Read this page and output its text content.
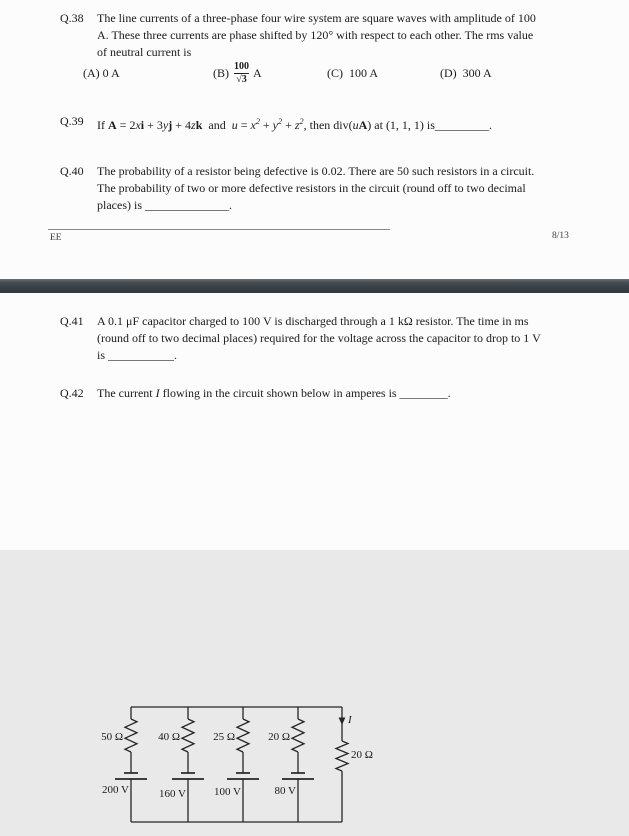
Q.38 The line currents of a three-phase four wire system are square waves with amplitude of 100
A. These three currents are phase shifted by 120° with respect to each other. The rms value
of neutral current is
(A) 0 A	$(B) \frac{100}{√3}$ A	(C)  100 A	(D)  300 A
Q.39 If A = 2xi + 3yj + 4zk  and  $u = x^2 + y^2 + z^2$, then div(uA) at (1, 1, 1) is_________.
Q.40 The probability of a resistor being defective is 0.02. There are 50 such resistors in a circuit.
The probability of two or more defective resistors in the circuit (round off to two decimal
places) is ______________.
EE	8/13
Q.41 A 0.1 μF capacitor charged to 100 V is discharged through a 1 kΩ resistor. The time in ms
(round off to two decimal places) required for the voltage across the capacitor to drop to 1 V
is ___________.
Q.42 The current I flowing in the circuit shown below in amperes is ________.
50 Ω
200 V
40 Ω
160 V
25 Ω
100 V
20 Ω
80 V
I
20 Ω
